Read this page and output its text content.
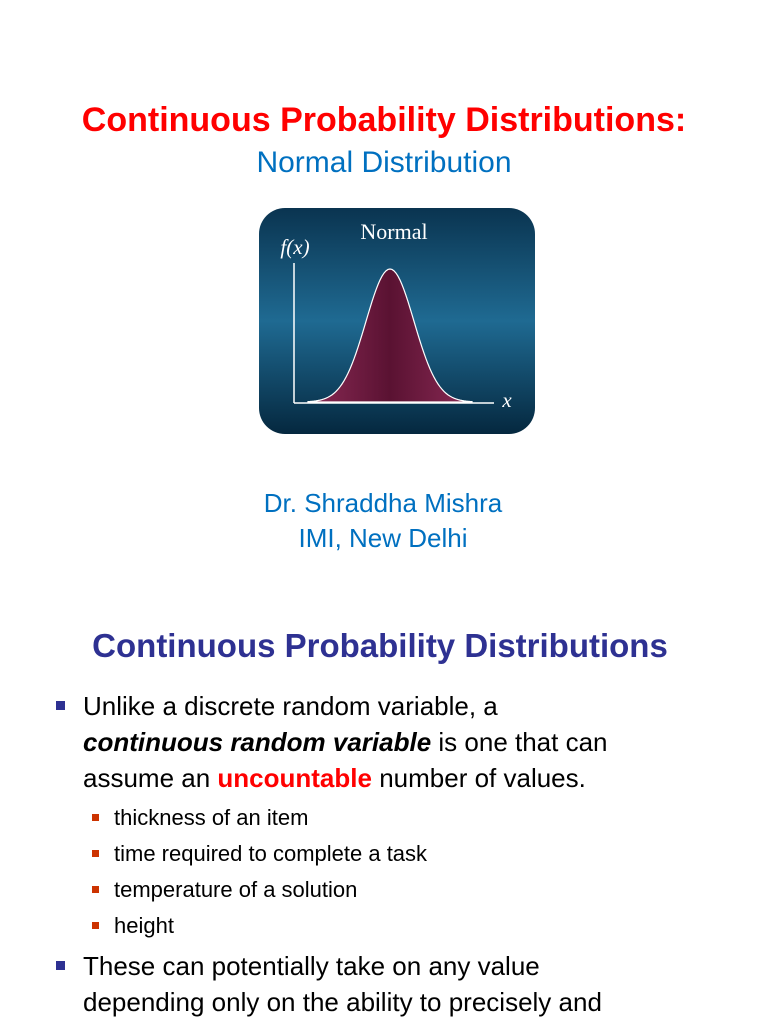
Continuous Probability Distributions:
Normal Distribution
Normal
f(x)
x
Dr. Shraddha Mishra
IMI, New Delhi
Continuous Probability Distributions
Unlike a discrete random variable, a
continuous random variable is one that can
assume an uncountable number of values.
thickness of an item
time required to complete a task
temperature of a solution
height
These can potentially take on any value
depending only on the ability to precisely and
